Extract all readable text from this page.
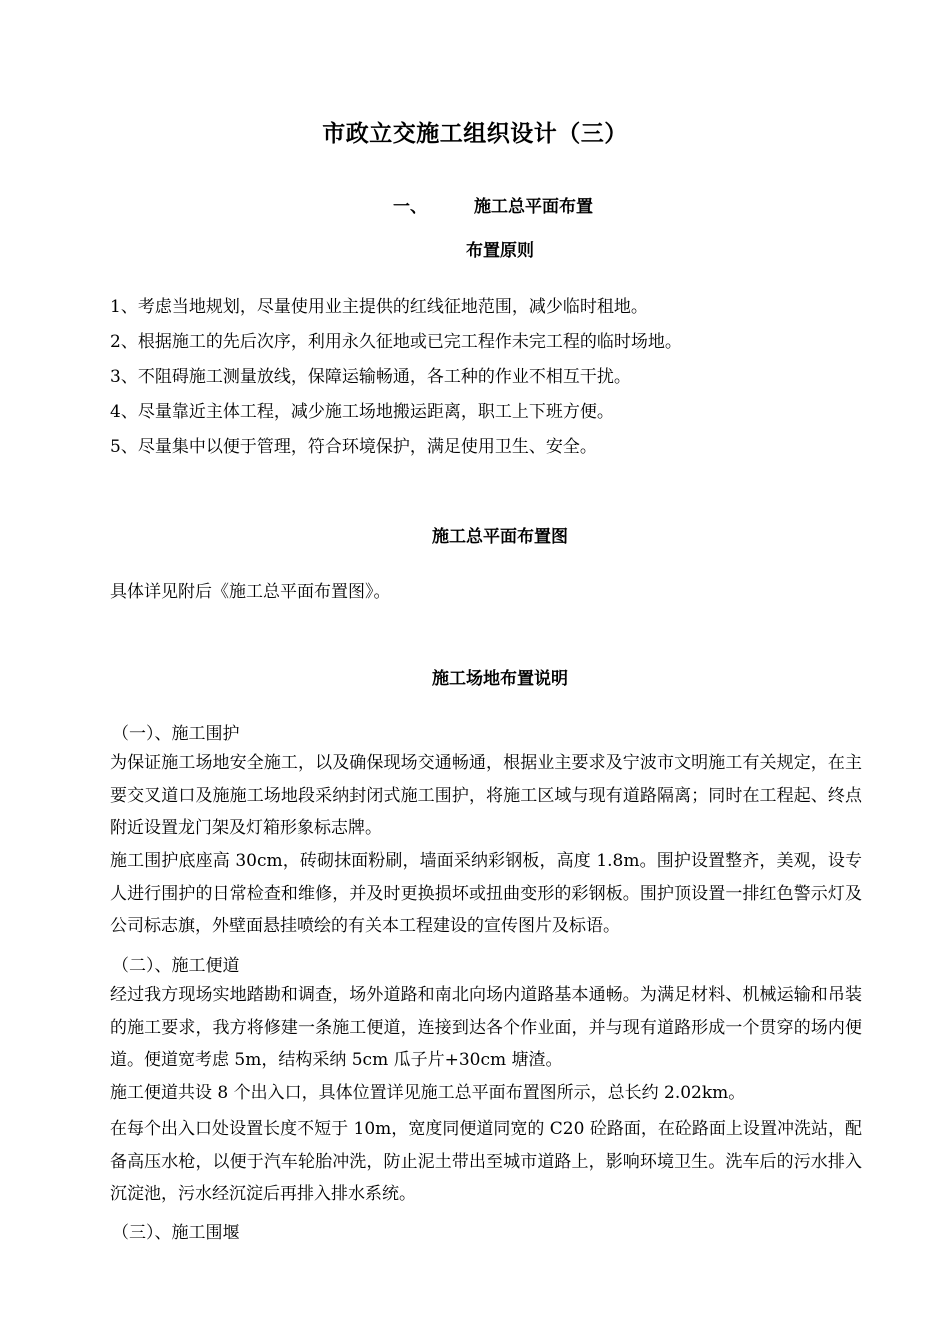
市政立交施工组织设计（三）
一、	施工总平面布置
布置原则
1、考虑当地规划，尽量使用业主提供的红线征地范围，减少临时租地。
2、根据施工的先后次序，利用永久征地或已完工程作未完工程的临时场地。
3、不阻碍施工测量放线，保障运输畅通，各工种的作业不相互干扰。
4、尽量靠近主体工程，减少施工场地搬运距离，职工上下班方便。
5、尽量集中以便于管理，符合环境保护，满足使用卫生、安全。
施工总平面布置图
具体详见附后《施工总平面布置图》。
施工场地布置说明
（一）、施工围护
为保证施工场地安全施工，以及确保现场交通畅通，根据业主要求及宁波市文明施工有关规定，在主要交叉道口及施施工场地段采纳封闭式施工围护，将施工区域与现有道路隔离；同时在工程起、终点附近设置龙门架及灯箱形象标志牌。
施工围护底座高 30cm，砖砌抹面粉刷，墙面采纳彩钢板，高度 1.8m。围护设置整齐，美观，设专人进行围护的日常检查和维修，并及时更换损坏或扭曲变形的彩钢板。围护顶设置一排红色警示灯及公司标志旗，外壁面悬挂喷绘的有关本工程建设的宣传图片及标语。
（二）、施工便道
经过我方现场实地踏勘和调查，场外道路和南北向场内道路基本通畅。为满足材料、机械运输和吊装的施工要求，我方将修建一条施工便道，连接到达各个作业面，并与现有道路形成一个贯穿的场内便道。便道宽考虑 5m，结构采纳 5cm 瓜子片+30cm 塘渣。
施工便道共设 8 个出入口，具体位置详见施工总平面布置图所示，总长约 2.02km。
在每个出入口处设置长度不短于 10m，宽度同便道同宽的 C20 砼路面，在砼路面上设置冲洗站，配备高压水枪，以便于汽车轮胎冲洗，防止泥土带出至城市道路上，影响环境卫生。洗车后的污水排入沉淀池，污水经沉淀后再排入排水系统。
（三）、施工围堰
